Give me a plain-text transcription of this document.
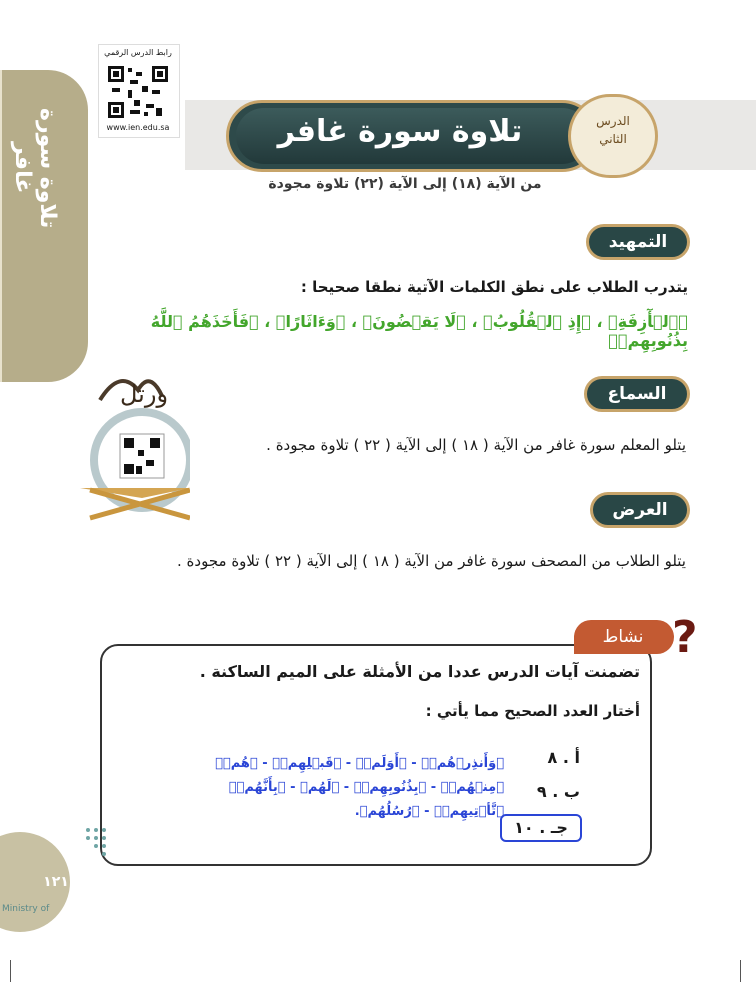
تلاوة سورة غافر
رابط الدرس الرقمي
www.ien.edu.sa	تلاوة سورة غافر	الدرس
الثاني
من الآية (١٨) إلى الآية (٢٢) تلاوة مجودة
التمهيد
يتدرب الطلاب على نطق الكلمات الآتية نطقا صحيحا :
﴿ٱلۡأٓزِفَةِ﴾ ، ﴿إِذِ ٱلۡقُلُوبُ﴾ ، ﴿لَا يَقۡضُونَ﴾ ، ﴿وَءَاثَارًا﴾ ، ﴿فَأَخَذَهُمُ ٱللَّهُ بِذُنُوبِهِمۡ﴾
ورتل	السماع
يتلو المعلم سورة غافر من الآية ( ١٨ ) إلى الآية ( ٢٢ ) تلاوة مجودة .
العرض
يتلو الطلاب من المصحف سورة غافر من الآية ( ١٨ ) إلى الآية ( ٢٢ ) تلاوة مجودة .
نشاط ?
تضمنت آيات الدرس عددا من الأمثلة على الميم الساكنة .
أختار العدد الصحيح مما يأتي :
أ . ٨
ب . ٩
جـ . ١٠
﴿وَأَنذِرۡهُمۡ﴾ - ﴿أَوَلَمۡ﴾ - ﴿قَبۡلِهِمۡ﴾ - ﴿هُمۡ﴾
﴿مِنۡهُمۡ﴾ - ﴿بِذُنُوبِهِمۡ﴾ - ﴿لَهُم﴾ - ﴿بِأَنَّهُمۡ﴾
﴿تَّأۡتِيهِمۡ﴾ - ﴿رُسُلُهُم﴾.
١٢١
Ministry of
